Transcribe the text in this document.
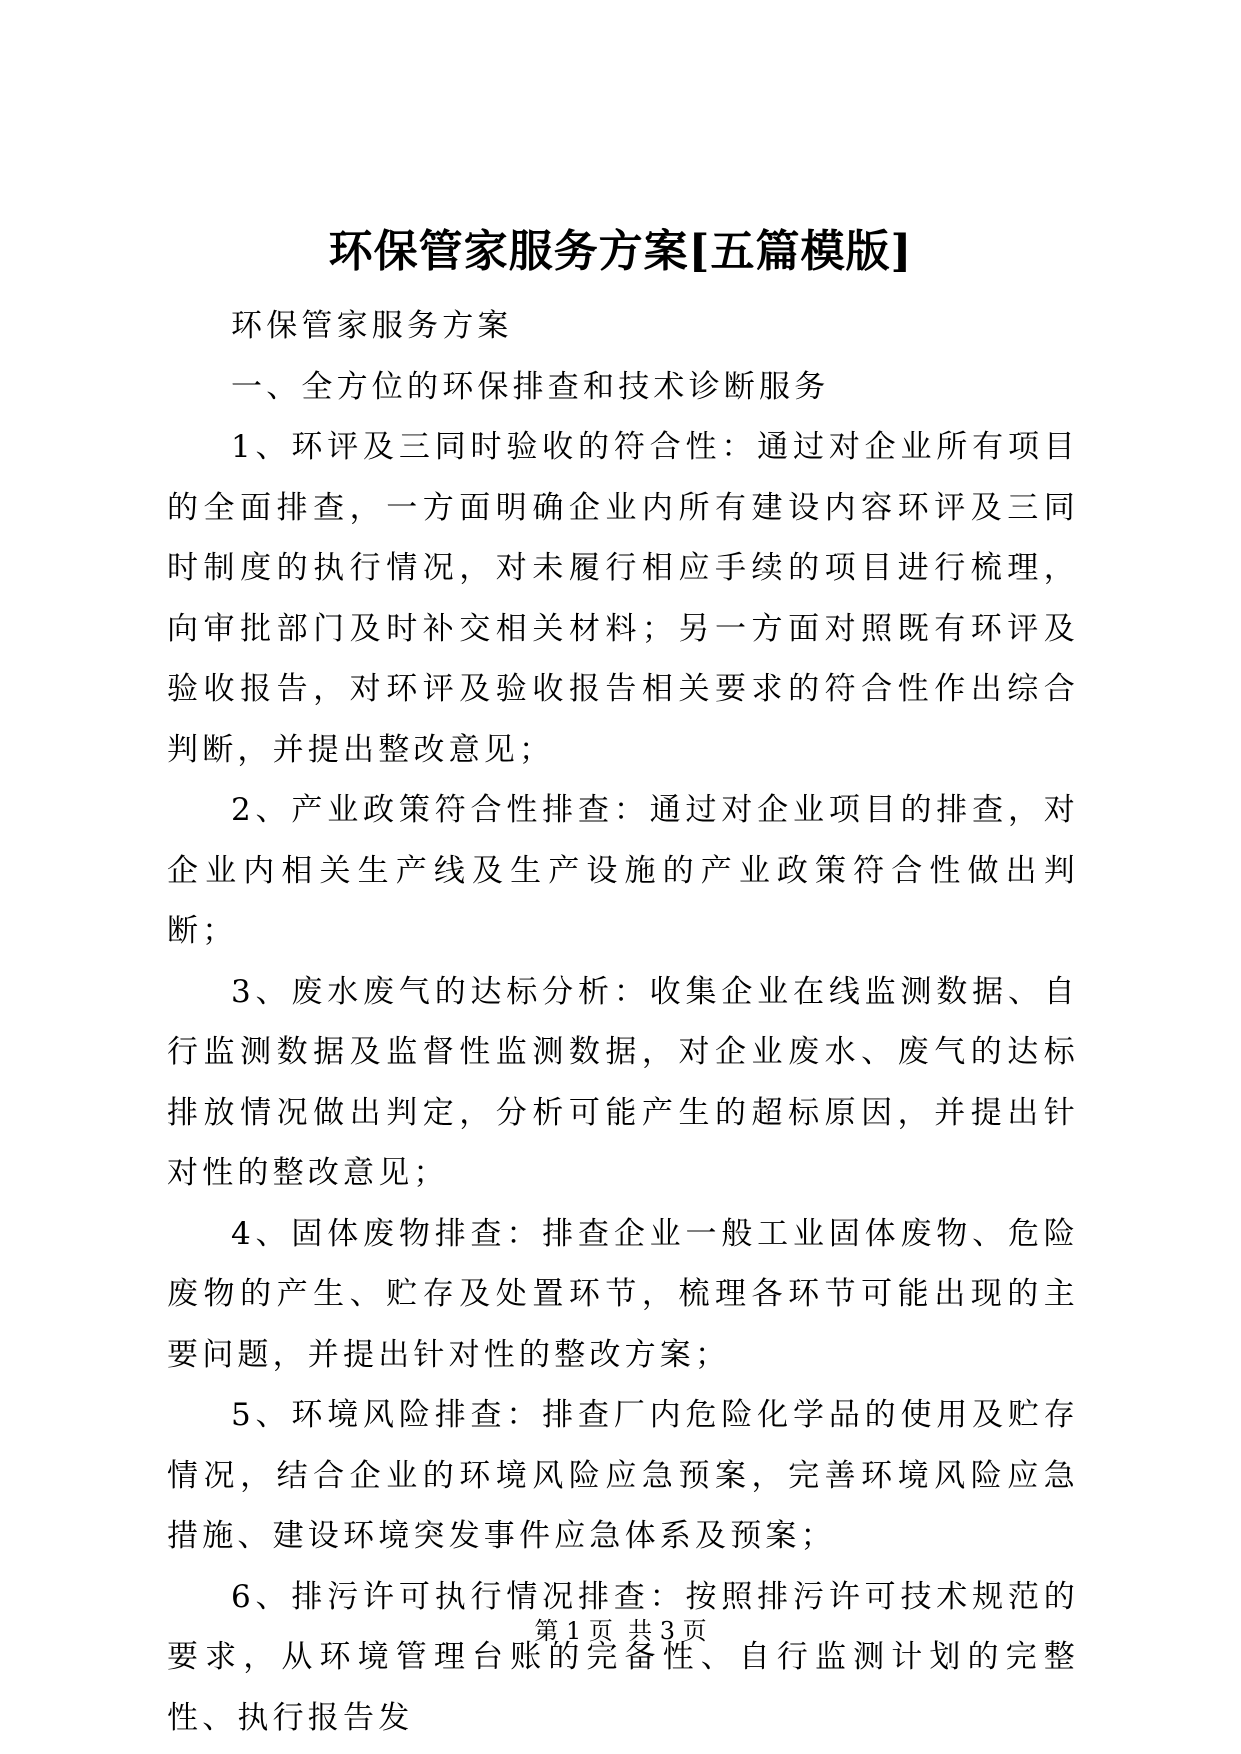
环保管家服务方案[五篇模版]

环保管家服务方案

一、全方位的环保排查和技术诊断服务

1、环评及三同时验收的符合性：通过对企业所有项目的全面排查，一方面明确企业内所有建设内容环评及三同时制度的执行情况，对未履行相应手续的项目进行梳理，向审批部门及时补交相关材料；另一方面对照既有环评及验收报告，对环评及验收报告相关要求的符合性作出综合判断，并提出整改意见；

2、产业政策符合性排查：通过对企业项目的排查，对企业内相关生产线及生产设施的产业政策符合性做出判断；

3、废水废气的达标分析：收集企业在线监测数据、自行监测数据及监督性监测数据，对企业废水、废气的达标排放情况做出判定，分析可能产生的超标原因，并提出针对性的整改意见；

4、固体废物排查：排查企业一般工业固体废物、危险废物的产生、贮存及处置环节，梳理各环节可能出现的主要问题，并提出针对性的整改方案；

5、环境风险排查：排查厂内危险化学品的使用及贮存情况，结合企业的环境风险应急预案，完善环境风险应急措施、建设环境突发事件应急体系及预案；

6、排污许可执行情况排查：按照排污许可技术规范的要求，从环境管理台账的完备性、自行监测计划的完整性、执行报告发

第 1 页  共 3 页
